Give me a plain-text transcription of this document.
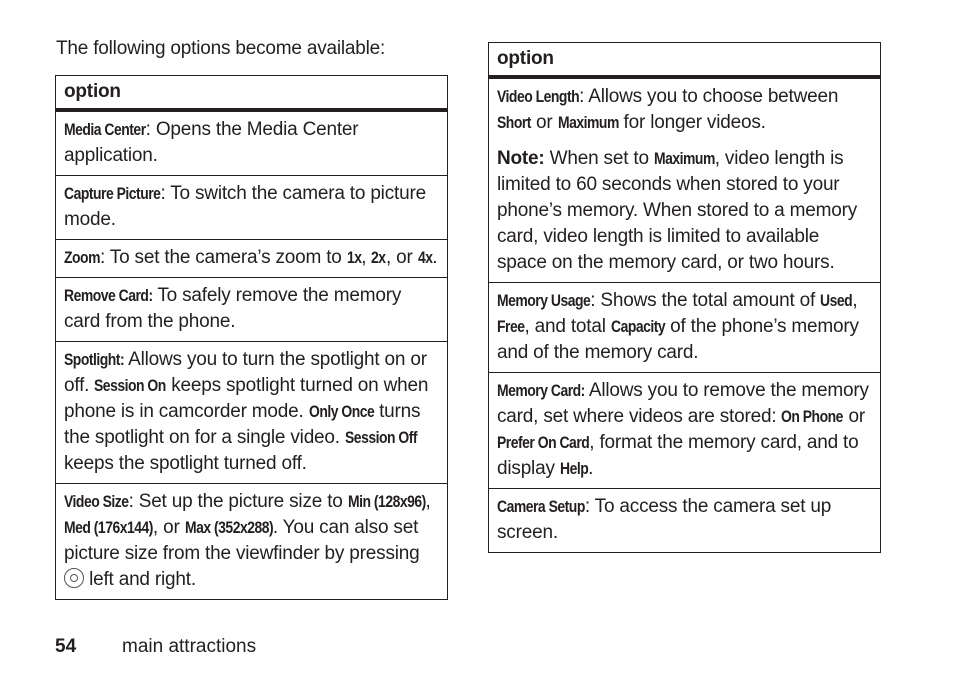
The following options become available:
option
Media Center: Opens the Media Center application.
Capture Picture: To switch the camera to picture mode.
Zoom: To set the camera’s zoom to 1x, 2x, or 4x.
Remove Card: To safely remove the memory card from the phone.
Spotlight: Allows you to turn the spotlight on or off. Session On keeps spotlight turned on when phone is in camcorder mode. Only Once turns the spotlight on for a single video. Session Off keeps the spotlight turned off.
Video Size: Set up the picture size to Min (128x96), Med (176x144), or Max (352x288). You can also set picture size from the viewfinder by pressing  left and right.
option

Video Length: Allows you to choose between Short or Maximum for longer videos.
Note: When set to Maximum, video length is limited to 60 seconds when stored to your phone’s memory. When stored to a memory card, video length is limited to available space on the memory card, or two hours.

Memory Usage: Shows the total amount of Used, Free, and total Capacity of the phone’s memory and of the memory card.
Memory Card: Allows you to remove the memory card, set where videos are stored: On Phone or Prefer On Card, format the memory card, and to display Help.
Camera Setup: To access the camera set up screen.
54 main attractions
